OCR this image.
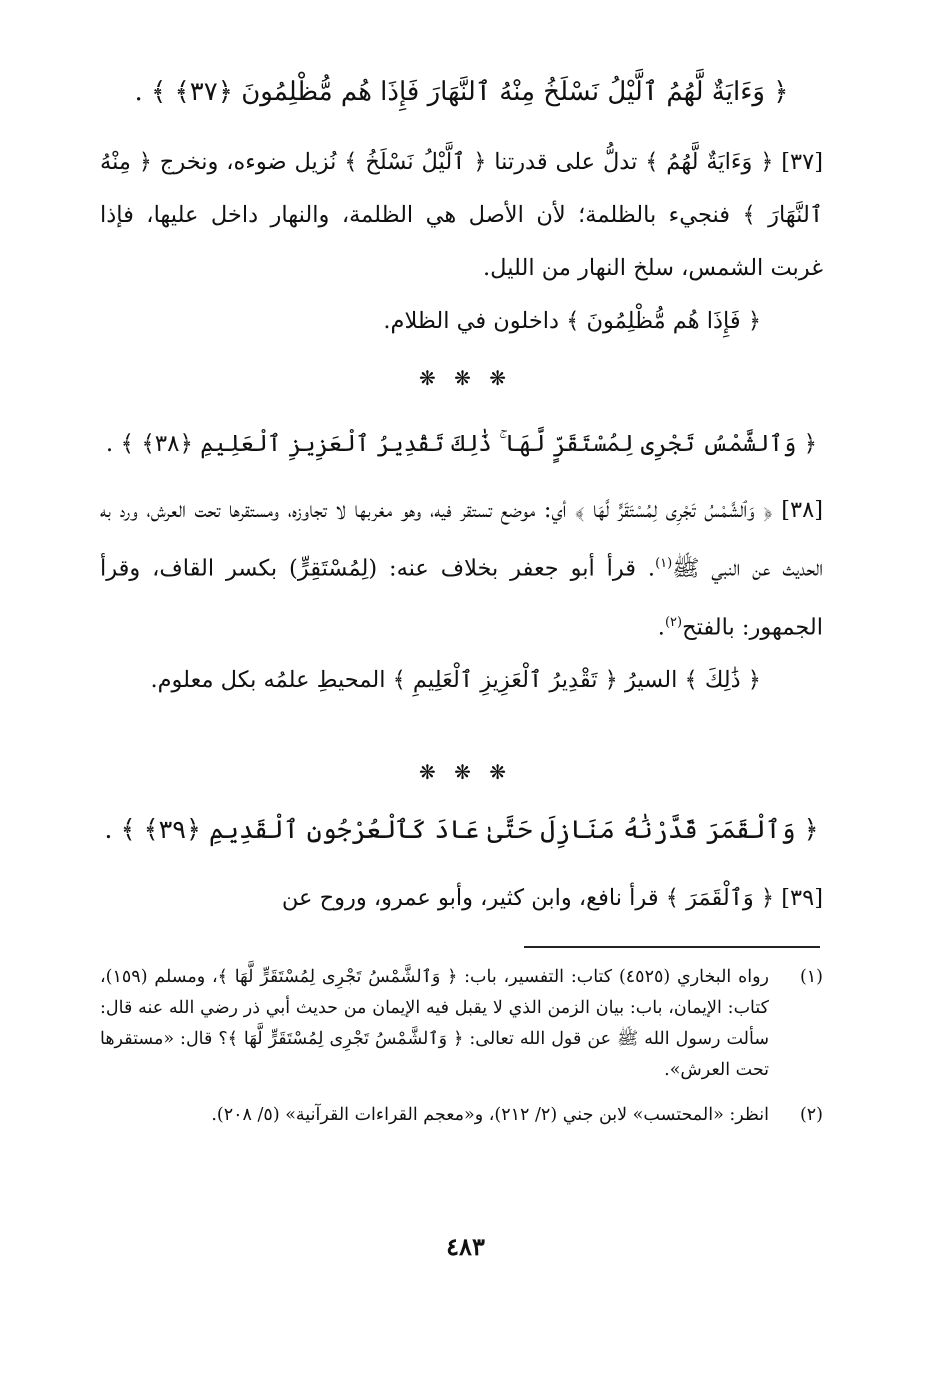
﴿ وَءَايَةٌ لَّهُمُ ٱلَّيْلُ نَسْلَخُ مِنْهُ ٱلنَّهَارَ فَإِذَا هُم مُّظْلِمُونَ ﴿٣٧﴾ ﴾ .

[٣٧] ﴿ وَءَايَةٌ لَّهُمُ ﴾ تدلُّ على قدرتنا ﴿ ٱلَّيْلُ نَسْلَخُ ﴾ نُزيل ضوءه، ونخرج ﴿ مِنْهُ ٱلنَّهَارَ ﴾ فنجيء بالظلمة؛ لأن الأصل هي الظلمة، والنهار داخل عليها، فإذا غربت الشمس، سلخ النهار من الليل.

﴿ فَإِذَا هُم مُّظْلِمُونَ ﴾ داخلون في الظلام.

❋ ❋ ❋
﴿ وَٱلشَّمْسُ تَجْرِى لِمُسْتَقَرٍّ لَّهَا ۚ ذَٰلِكَ تَقْدِيرُ ٱلْعَزِيزِ ٱلْعَلِيمِ ﴿٣٨﴾ ﴾ .

[٣٨] ﴿ وَٱلشَّمْسُ تَجْرِى لِمُسْتَقَرٍّ لَّهَا ﴾ أي: موضع تستقر فيه، وهو مغربها لا تجاوزه، ومستقرها تحت العرش، ورد به الحديث عن النبي ﷺ$^{(١)}$. قرأ أبو جعفر بخلاف عنه: (لِمُسْتَقِرٍّ) بكسر القاف، وقرأ الجمهور: بالفتح$^{(٢)}$.

﴿ ذَٰلِكَ ﴾ السيرُ ﴿ تَقْدِيرُ ٱلْعَزِيزِ ٱلْعَلِيمِ ﴾ المحيطِ علمُه بكل معلوم.

❋ ❋ ❋
﴿ وَٱلْقَمَرَ قَدَّرْنَٰهُ مَنَازِلَ حَتَّىٰ عَادَ كَٱلْعُرْجُونِ ٱلْقَدِيمِ ﴿٣٩﴾ ﴾ .

[٣٩] ﴿ وَٱلْقَمَرَ ﴾ قرأ نافع، وابن كثير، وأبو عمرو، وروح عن

(١)
رواه البخاري (٤٥٢٥) كتاب: التفسير، باب: ﴿ وَٱلشَّمْسُ تَجْرِى لِمُسْتَقَرٍّ لَّهَا ﴾، ومسلم (١٥٩)، كتاب: الإيمان، باب: بيان الزمن الذي لا يقبل فيه الإيمان من حديث أبي ذر رضي الله عنه قال: سألت رسول الله ﷺ عن قول الله تعالى: ﴿ وَٱلشَّمْسُ تَجْرِى لِمُسْتَقَرٍّ لَّهَا ﴾؟ قال: «مستقرها تحت العرش».
(٢)
انظر: «المحتسب» لابن جني (٢/ ٢١٢)، و«معجم القراءات القرآنية» (٥/ ٢٠٨).
٤٨٣
